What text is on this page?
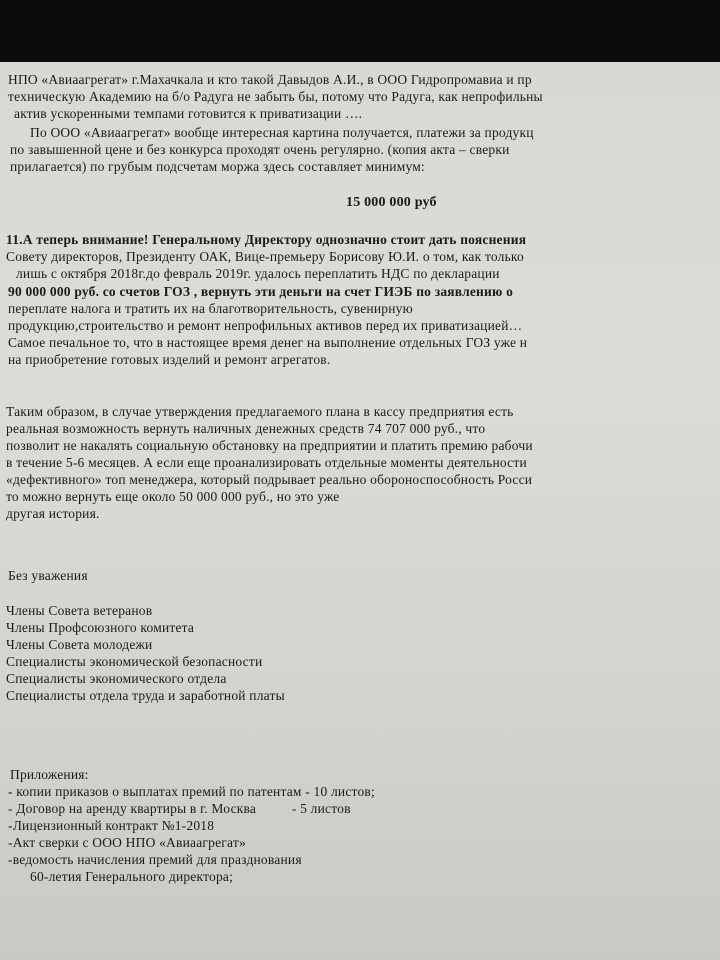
НПО «Авиаагрегат» г.Махачкала и кто такой Давыдов А.И., в ООО Гидропромавиа и пр
техническую Академию на б/о Радуга не забыть бы, потому что Радуга, как непрофильны
актив ускоренными темпами готовится к приватизации ….
По ООО «Авиаагрегат» вообще интересная картина получается, платежи за продукц
по завышенной цене и без конкурса проходят очень регулярно. (копия акта – сверки
прилагается) по грубым подсчетам моржа здесь составляет минимум:
15 000 000 руб
11.А теперь внимание! Генеральному Директору однозначно стоит дать пояснения
Совету директоров, Президенту ОАК, Вице-премьеру Борисову Ю.И. о том, как только
лишь с октября 2018г.до февраль 2019г. удалось переплатить НДС по декларации
90 000 000 руб. со счетов ГОЗ , вернуть эти деньги на счет ГИЭБ по заявлению о
переплате налога и тратить их на благотворительность, сувенирную
продукцию,строительство и ремонт непрофильных активов перед их приватизацией…
Самое печальное то, что в настоящее время денег на выполнение отдельных ГОЗ уже н
на приобретение готовых изделий и ремонт агрегатов.
Таким образом, в случае утверждения предлагаемого плана в кассу предприятия есть
реальная возможность вернуть наличных денежных средств 74 707 000 руб., что
позволит не накалять социальную обстановку на предприятии и платить премию рабочи
в течение 5-6 месяцев. А если еще проанализировать отдельные моменты деятельности
«дефективного» топ менеджера, который подрывает реально обороноспособность Росси
то можно вернуть еще около 50 000 000 руб., но это уже
другая история.
Без уважения
Члены Совета ветеранов
Члены Профсоюзного комитета
Члены Совета молодежи
Специалисты экономической безопасности
Специалисты экономического отдела
Специалисты отдела труда и заработной платы
Приложения:
- копии приказов о выплатах премий по патентам - 10 листов;
- Договор на аренду квартиры в г. Москва          - 5 листов
-Лицензионный контракт №1-2018
-Акт сверки с ООО НПО «Авиаагрегат»
-ведомость начисления премий для празднования
60-летия Генерального директора;
